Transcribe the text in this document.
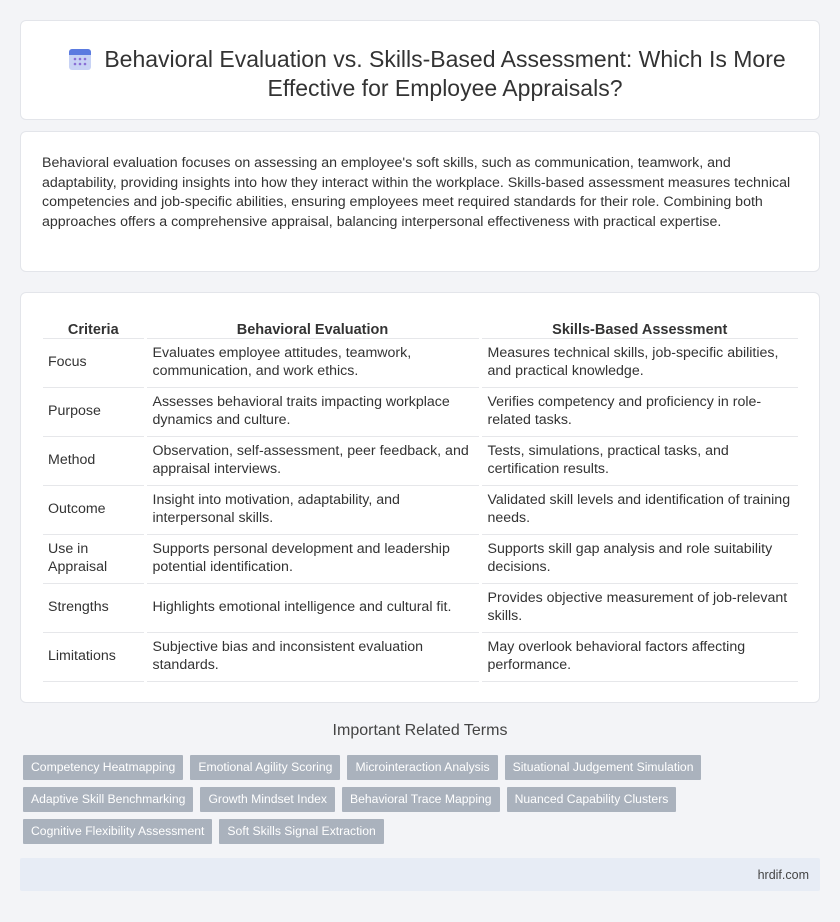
Behavioral Evaluation vs. Skills-Based Assessment: Which Is More Effective for Employee Appraisals?

Behavioral evaluation focuses on assessing an employee's soft skills, such as communication, teamwork, and adaptability, providing insights into how they interact within the workplace. Skills-based assessment measures technical competencies and job-specific abilities, ensuring employees meet required standards for their role. Combining both approaches offers a comprehensive appraisal, balancing interpersonal effectiveness with practical expertise.

Criteria	Behavioral Evaluation	Skills-Based Assessment
Focus	Evaluates employee attitudes, teamwork, communication, and work ethics.	Measures technical skills, job-specific abilities, and practical knowledge.
Purpose	Assesses behavioral traits impacting workplace dynamics and culture.	Verifies competency and proficiency in role-related tasks.
Method	Observation, self-assessment, peer feedback, and appraisal interviews.	Tests, simulations, practical tasks, and certification results.
Outcome	Insight into motivation, adaptability, and interpersonal skills.	Validated skill levels and identification of training needs.
Use in Appraisal	Supports personal development and leadership potential identification.	Supports skill gap analysis and role suitability decisions.
Strengths	Highlights emotional intelligence and cultural fit.	Provides objective measurement of job-relevant skills.
Limitations	Subjective bias and inconsistent evaluation standards.	May overlook behavioral factors affecting performance.
Important Related Terms
Competency Heatmapping	Emotional Agility Scoring	Microinteraction Analysis	Situational Judgement Simulation
Adaptive Skill Benchmarking	Growth Mindset Index	Behavioral Trace Mapping	Nuanced Capability Clusters
Cognitive Flexibility Assessment	Soft Skills Signal Extraction
hrdif.com
